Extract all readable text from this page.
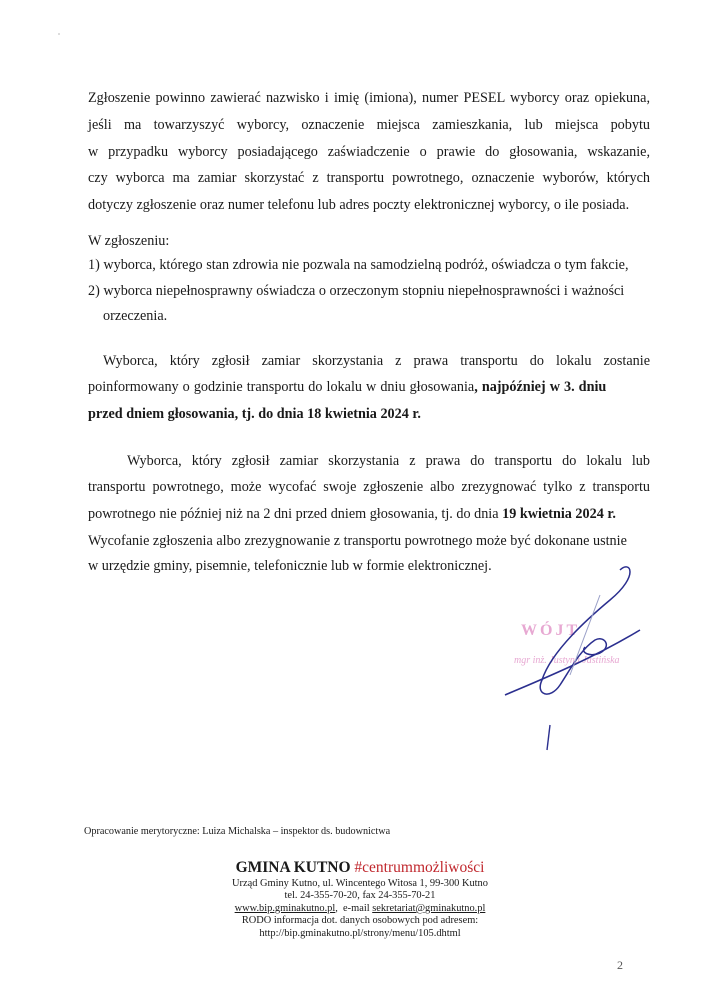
Zgłoszenie powinno zawierać nazwisko i imię (imiona), numer PESEL wyborcy oraz opiekuna,
jeśli ma towarzyszyć wyborcy, oznaczenie miejsca zamieszkania, lub miejsca pobytu
w przypadku wyborcy posiadającego zaświadczenie o prawie do głosowania, wskazanie,
czy wyborca ma zamiar skorzystać z transportu powrotnego, oznaczenie wyborów, których
dotyczy zgłoszenie oraz numer telefonu lub adres poczty elektronicznej wyborcy, o ile posiada.
W zgłoszeniu:
1) wyborca, którego stan zdrowia nie pozwala na samodzielną podróż, oświadcza o tym fakcie,
2) wyborca niepełnosprawny oświadcza o orzeczonym stopniu niepełnosprawności i ważności
orzeczenia.
Wyborca, który zgłosił zamiar skorzystania z prawa transportu do lokalu zostanie
poinformowany o godzinie transportu do lokalu w dniu głosowania, najpóźniej w 3. dniu
przed dniem głosowania, tj. do dnia 18 kwietnia 2024 r.
Wyborca, który zgłosił zamiar skorzystania z prawa do transportu do lokalu lub
transportu powrotnego, może wycofać swoje zgłoszenie albo zrezygnować tylko z transportu
powrotnego nie później niż na 2 dni przed dniem głosowania, tj. do dnia 19 kwietnia 2024 r.
Wycofanie zgłoszenia albo zrezygnowanie z transportu powrotnego może być dokonane ustnie
w urzędzie gminy, pisemnie, telefonicznie lub w formie elektronicznej.
WÓJT
mgr inż. Justyna Jastińska
Opracowanie merytoryczne: Luiza Michalska – inspektor ds. budownictwa
GMINA KUTNO #centrummożliwości
Urząd Gminy Kutno, ul. Wincentego Witosa 1, 99-300 Kutno
tel. 24-355-70-20, fax 24-355-70-21
www.bip.gminakutno.pl,  e-mail sekretariat@gminakutno.pl
RODO informacja dot. danych osobowych pod adresem:
http://bip.gminakutno.pl/strony/menu/105.dhtml
2
